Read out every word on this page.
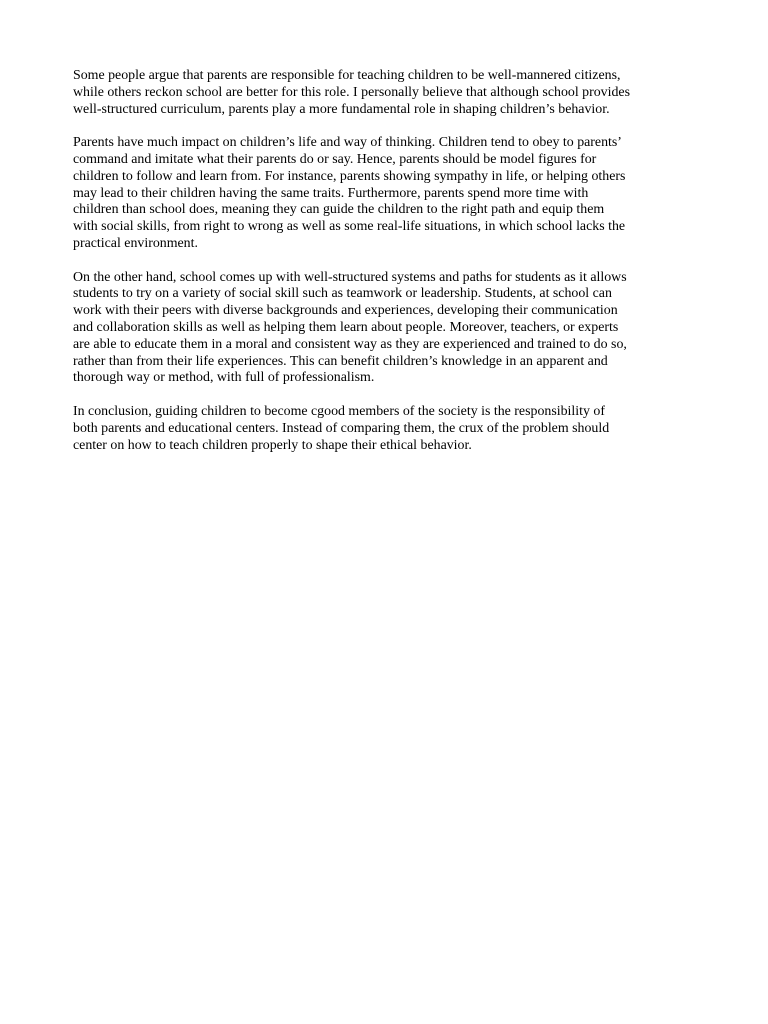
Some people argue that parents are responsible for teaching children to be well-mannered citizens,
while others reckon school are better for this role. I personally believe that although school provides
well-structured curriculum, parents play a more fundamental role in shaping children’s behavior.

Parents have much impact on children’s life and way of thinking. Children tend to obey to parents’
command and imitate what their parents do or say. Hence, parents should be model figures for
children to follow and learn from. For instance, parents showing sympathy in life, or helping others
may lead to their children having the same traits. Furthermore, parents spend more time with
children than school does, meaning they can guide the children to the right path and equip them
with social skills, from right to wrong as well as some real-life situations, in which school lacks the
practical environment.

On the other hand, school comes up with well-structured systems and paths for students as it allows
students to try on a variety of social skill such as teamwork or leadership. Students, at school can
work with their peers with diverse backgrounds and experiences, developing their communication
and collaboration skills as well as helping them learn about people. Moreover, teachers, or experts
are able to educate them in a moral and consistent way as they are experienced and trained to do so,
rather than from their life experiences. This can benefit children’s knowledge in an apparent and
thorough way or method, with full of professionalism.

In conclusion, guiding children to become cgood members of the society is the responsibility of
both parents and educational centers. Instead of comparing them, the crux of the problem should
center on how to teach children properly to shape their ethical behavior.
